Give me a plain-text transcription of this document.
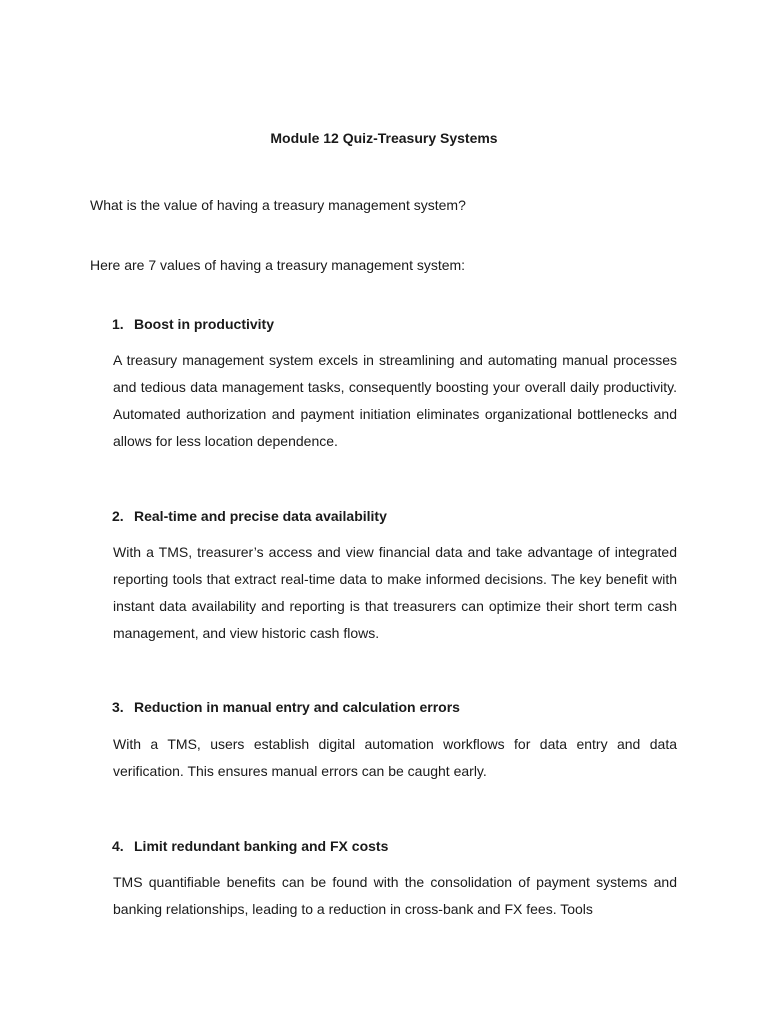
Module 12 Quiz-Treasury Systems

What is the value of having a treasury management system?

Here are 7 values of having a treasury management system:

1. Boost in productivity

A treasury management system excels in streamlining and automating manual processes and tedious data management tasks, consequently boosting your overall daily productivity. Automated authorization and payment initiation eliminates organizational bottlenecks and allows for less location dependence.

2. Real-time and precise data availability

With a TMS, treasurer’s access and view financial data and take advantage of integrated reporting tools that extract real-time data to make informed decisions. The key benefit with instant data availability and reporting is that treasurers can optimize their short term cash management, and view historic cash flows.

3. Reduction in manual entry and calculation errors

With a TMS, users establish digital automation workflows for data entry and data verification. This ensures manual errors can be caught early.

4. Limit redundant banking and FX costs

TMS quantifiable benefits can be found with the consolidation of payment systems and banking relationships, leading to a reduction in cross-bank and FX fees. Tools
